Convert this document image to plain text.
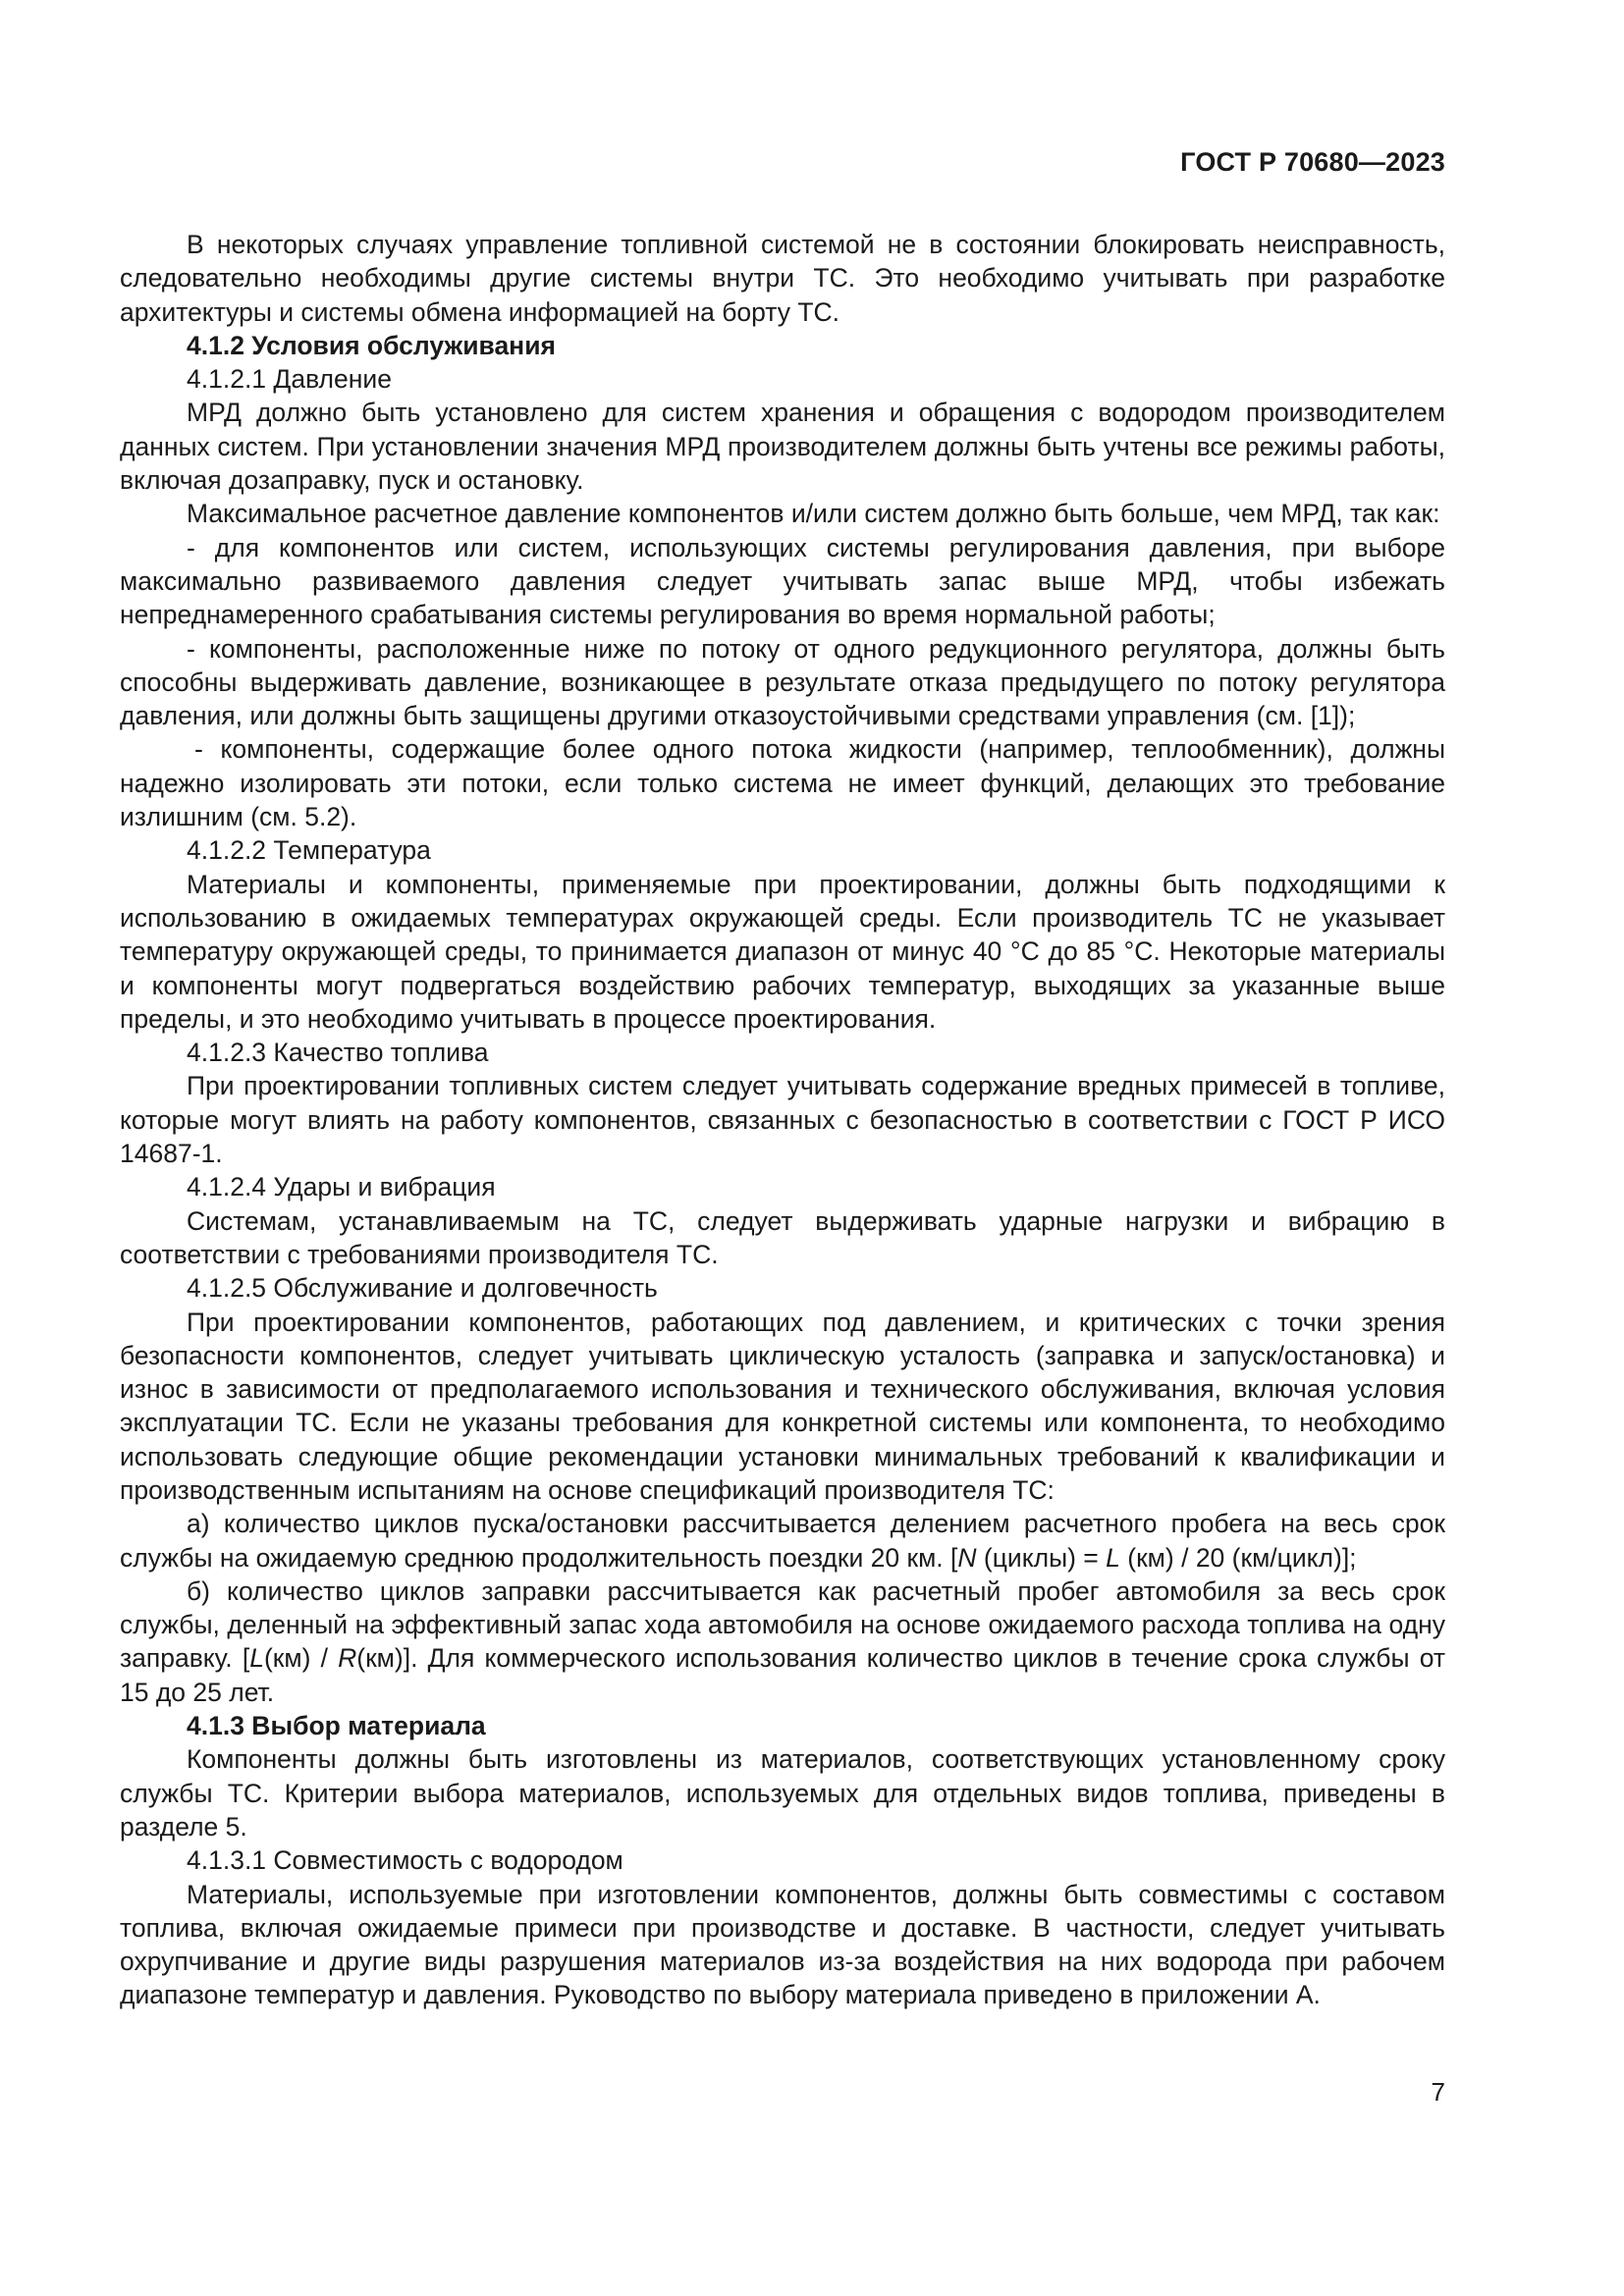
ГОСТ Р 70680—2023

В некоторых случаях управление топливной системой не в состоянии блокировать неисправность, следовательно необходимы другие системы внутри ТС. Это необходимо учитывать при разработке архитектуры и системы обмена информацией на борту ТС.

4.1.2 Условия обслуживания

4.1.2.1 Давление

МРД должно быть установлено для систем хранения и обращения с водородом производителем данных систем. При установлении значения МРД производителем должны быть учтены все режимы работы, включая дозаправку, пуск и остановку.

Максимальное расчетное давление компонентов и/или систем должно быть больше, чем МРД, так как:

- для компонентов или систем, использующих системы регулирования давления, при выборе максимально развиваемого давления следует учитывать запас выше МРД, чтобы избежать непреднамеренного срабатывания системы регулирования во время нормальной работы;

- компоненты, расположенные ниже по потоку от одного редукционного регулятора, должны быть способны выдерживать давление, возникающее в результате отказа предыдущего по потоку регулятора давления, или должны быть защищены другими отказоустойчивыми средствами управления (см. [1]);

- компоненты, содержащие более одного потока жидкости (например, теплообменник), должны надежно изолировать эти потоки, если только система не имеет функций, делающих это требование излишним (см. 5.2).

4.1.2.2 Температура

Материалы и компоненты, применяемые при проектировании, должны быть подходящими к использованию в ожидаемых температурах окружающей среды. Если производитель ТС не указывает температуру окружающей среды, то принимается диапазон от минус 40 °С до 85 °С. Некоторые материалы и компоненты могут подвергаться воздействию рабочих температур, выходящих за указанные выше пределы, и это необходимо учитывать в процессе проектирования.

4.1.2.3 Качество топлива

При проектировании топливных систем следует учитывать содержание вредных примесей в топливе, которые могут влиять на работу компонентов, связанных с безопасностью в соответствии с ГОСТ Р ИСО 14687-1.

4.1.2.4 Удары и вибрация

Системам, устанавливаемым на ТС, следует выдерживать ударные нагрузки и вибрацию в соответствии с требованиями производителя ТС.

4.1.2.5 Обслуживание и долговечность

При проектировании компонентов, работающих под давлением, и критических с точки зрения безопасности компонентов, следует учитывать циклическую усталость (заправка и запуск/остановка) и износ в зависимости от предполагаемого использования и технического обслуживания, включая условия эксплуатации ТС. Если не указаны требования для конкретной системы или компонента, то необходимо использовать следующие общие рекомендации установки минимальных требований к квалификации и производственным испытаниям на основе спецификаций производителя ТС:

а) количество циклов пуска/остановки рассчитывается делением расчетного пробега на весь срок службы на ожидаемую среднюю продолжительность поездки 20 км. [N (циклы) = L (км) / 20 (км/цикл)];

б) количество циклов заправки рассчитывается как расчетный пробег автомобиля за весь срок службы, деленный на эффективный запас хода автомобиля на основе ожидаемого расхода топлива на одну заправку. [L(км) / R(км)]. Для коммерческого использования количество циклов в течение срока службы от 15 до 25 лет.

4.1.3 Выбор материала

Компоненты должны быть изготовлены из материалов, соответствующих установленному сроку службы ТС. Критерии выбора материалов, используемых для отдельных видов топлива, приведены в разделе 5.

4.1.3.1 Совместимость с водородом

Материалы, используемые при изготовлении компонентов, должны быть совместимы с составом топлива, включая ожидаемые примеси при производстве и доставке. В частности, следует учитывать охрупчивание и другие виды разрушения материалов из-за воздействия на них водорода при рабочем диапазоне температур и давления. Руководство по выбору материала приведено в приложении А.

7
